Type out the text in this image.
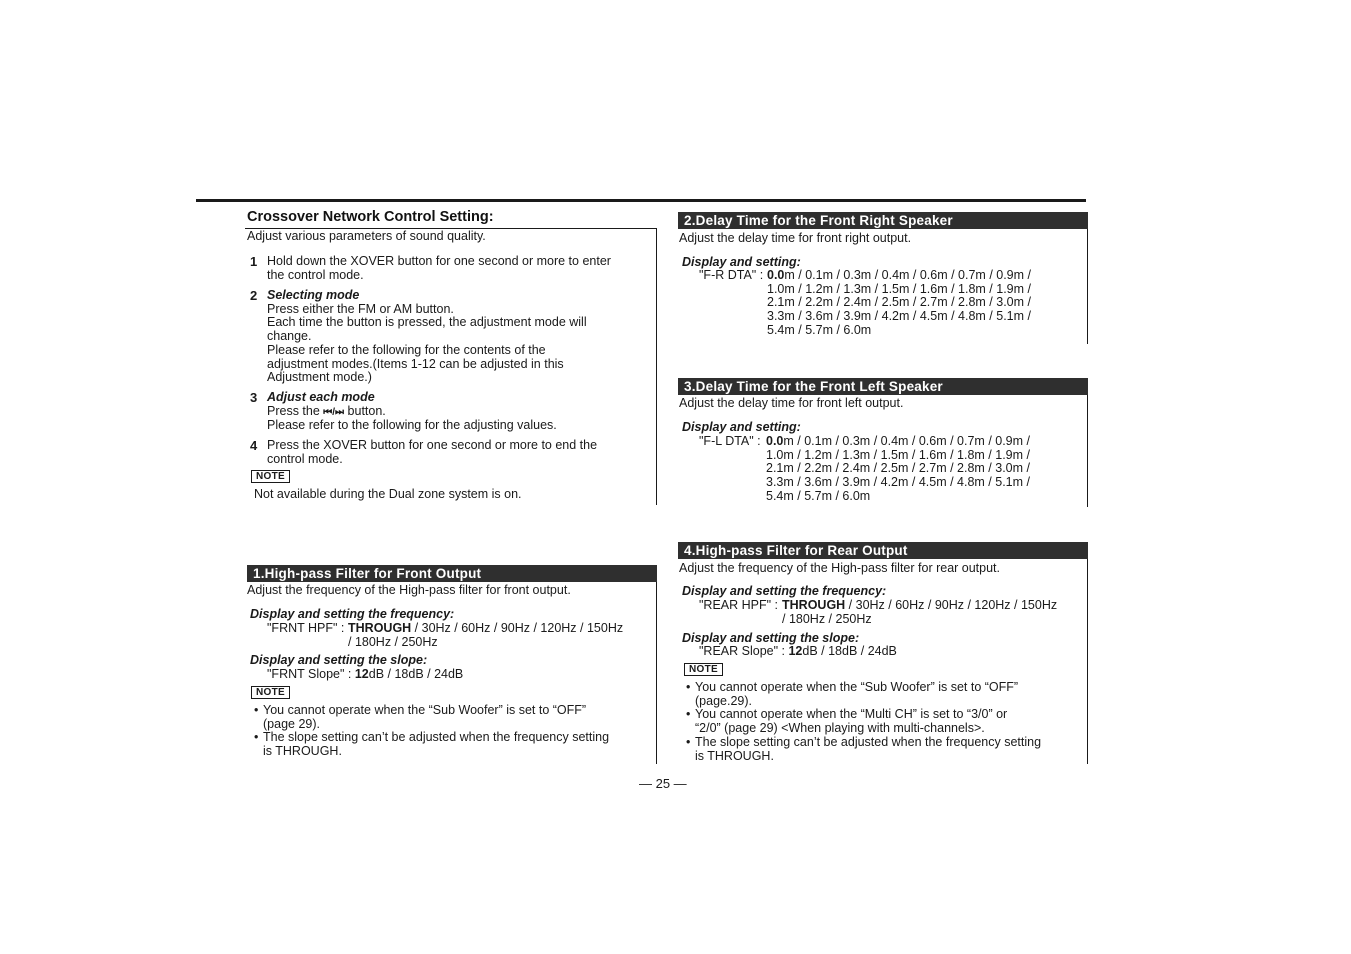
Crossover Network Control Setting:
Adjust various parameters of sound quality.
1 Hold down the XOVER button for one second or more to enter
the control mode.
2 Selecting mode
Press either the FM or AM button.
Each time the button is pressed, the adjustment mode will
change.
Please refer to the following for the contents of the
adjustment modes.(Items 1-12 can be adjusted in this
Adjustment mode.)
3 Adjust each mode
Press the ⏮/⏭ button.
Please refer to the following for the adjusting values.
4 Press the XOVER button for one second or more to end the
control mode.
NOTE
Not available during the Dual zone system is on.
1.High-pass Filter for Front Output
Adjust the frequency of the High-pass filter for front output.
Display and setting the frequency:
"FRNT HPF" :THROUGH / 30Hz / 60Hz / 90Hz / 120Hz / 150Hz
/ 180Hz / 250Hz
Display and setting the slope:
"FRNT Slope" : 12dB / 18dB / 24dB
NOTE
• You cannot operate when the “Sub Woofer” is set to “OFF”
(page 29).
• The slope setting can’t be adjusted when the frequency setting
is THROUGH.
2.Delay Time for the Front Right Speaker
Adjust the delay time for front right output.
Display and setting:
"F-R DTA" :0.0m / 0.1m / 0.3m / 0.4m / 0.6m / 0.7m / 0.9m /
1.0m / 1.2m / 1.3m / 1.5m / 1.6m / 1.8m / 1.9m /
2.1m / 2.2m / 2.4m / 2.5m / 2.7m / 2.8m / 3.0m /
3.3m / 3.6m / 3.9m / 4.2m / 4.5m / 4.8m / 5.1m /
5.4m / 5.7m / 6.0m
3.Delay Time for the Front Left Speaker
Adjust the delay time for front left output.
Display and setting:
"F-L DTA" :0.0m / 0.1m / 0.3m / 0.4m / 0.6m / 0.7m / 0.9m /
1.0m / 1.2m / 1.3m / 1.5m / 1.6m / 1.8m / 1.9m /
2.1m / 2.2m / 2.4m / 2.5m / 2.7m / 2.8m / 3.0m /
3.3m / 3.6m / 3.9m / 4.2m / 4.5m / 4.8m / 5.1m /
5.4m / 5.7m / 6.0m
4.High-pass Filter for Rear Output
Adjust the frequency of the High-pass filter for rear output.
Display and setting the frequency:
"REAR HPF" :THROUGH / 30Hz / 60Hz / 90Hz / 120Hz / 150Hz
/ 180Hz / 250Hz
Display and setting the slope:
"REAR Slope" : 12dB / 18dB / 24dB
NOTE
• You cannot operate when the “Sub Woofer” is set to “OFF”
(page.29).
• You cannot operate when the “Multi CH” is set to “3/0” or
“2/0” (page 29) <When playing with multi-channels>.
• The slope setting can’t be adjusted when the frequency setting
is THROUGH.
— 25 —
